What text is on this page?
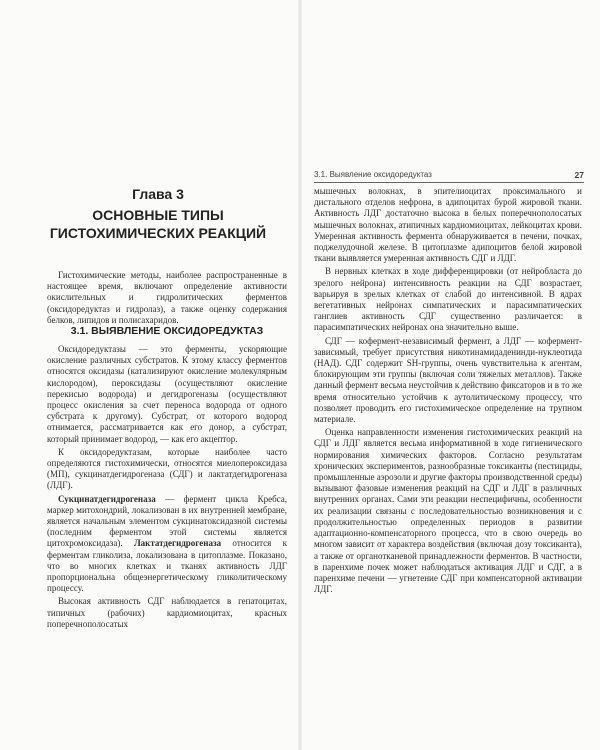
Глава 3
ОСНОВНЫЕ ТИПЫ
ГИСТОХИМИЧЕСКИХ РЕАКЦИЙ

Гистохимические методы, наиболее распространенные в настоящее время, включают определение активности окислительных и гидролитических ферментов (оксидоредуктаз и гидролаз), а также оценку содержания белков, липидов и полисахаридов.

3.1. ВЫЯВЛЕНИЕ ОКСИДОРЕДУКТАЗ

Оксидоредуктазы — это ферменты, ускоряющие окисление различных субстратов. К этому классу ферментов относятся оксидазы (катализируют окисление молекулярным кислородом), пероксидазы (осуществляют окисление перекисью водорода) и дегидрогеназы (осуществляют процесс окисления за счет переноса водорода от одного субстрата к другому). Субстрат, от которого водород отнимается, рассматривается как его донор, а субстрат, который принимает водород, — как его акцептор.

К оксидоредуктазам, которые наиболее часто определяются гистохимически, относятся миелопероксидаза (МП), сукцинатдегидрогеназа (СДГ) и лактатдегидрогеназа (ЛДГ).

Сукцинатдегидрогеназа — фермент цикла Кребса, маркер митохондрий, локализован в их внутренней мембране, является начальным элементом сукцинатоксидазной системы (последним ферментом этой системы является цитохромоксидаза). Лактатдегидрогеназа относится к ферментам гликолиза, локализована в цитоплазме. Показано, что во многих клетках и тканях активность ЛДГ пропорциональна общеэнергетическому гликолитическому процессу.

Высокая активность СДГ наблюдается в гепатоцитах, типичных (рабочих) кардиомиоцитах, красных поперечнополосатых

3.1. Выявление оксидоредуктаз	27

мышечных волокнах, в эпителиоцитах проксимального и дистального отделов нефрона, в адипоцитах бурой жировой ткани. Активность ЛДГ достаточно высока в белых поперечнополосатых мышечных волокнах, атипичных кардиомиоцитах, лейкоцитах крови. Умеренная активность фермента обнаруживается в печени, почках, поджелудочной железе. В цитоплазме адипоцитов белой жировой ткани выявляется умеренная активность СДГ и ЛДГ.

В нервных клетках в ходе дифференцировки (от нейробласта до зрелого нейрона) интенсивность реакции на СДГ возрастает, варьируя в зрелых клетках от слабой до интенсивной. В ядрах вегетативных нейронах симпатических и парасимпатических ганглиев активность СДГ существенно различается: в парасимпатических нейронах она значительно выше.

СДГ — кофермент-независимый фермент, а ЛДГ — кофермент-зависимый, требует присутствия никотинамидаденинди-нуклеотида (НАД). СДГ содержит SH-группы, очень чувствительна к агентам, блокирующим эти группы (включая соли тяжелых металлов). Также данный фермент весьма неустойчив к действию фиксаторов и в то же время относительно устойчив к аутолитическому процессу, что позволяет проводить его гистохимическое определение на трупном материале.

Оценка направленности изменения гистохимических реакций на СДГ и ЛДГ является весьма информативной в ходе гигиенического нормирования химических факторов. Согласно результатам хронических экспериментов, разнообразные токсиканты (пестициды, промышленные аэрозоли и другие факторы производственной среды) вызывают фазовые изменения реакций на СДГ и ЛДГ в различных внутренних органах. Сами эти реакции неспецифичны, особенности их реализации связаны с последовательностью возникновения и с продолжительностью определенных периодов в развитии адаптационно-компенсаторного процесса, что в свою очередь во многом зависит от характера воздействия (включая дозу токсиканта), а также от органотканевой принадлежности ферментов. В частности, в паренхиме почек может наблюдаться активация ЛДГ и СДГ, а в паренхиме печени — угнетение СДГ при компенсаторной активации ЛДГ.
